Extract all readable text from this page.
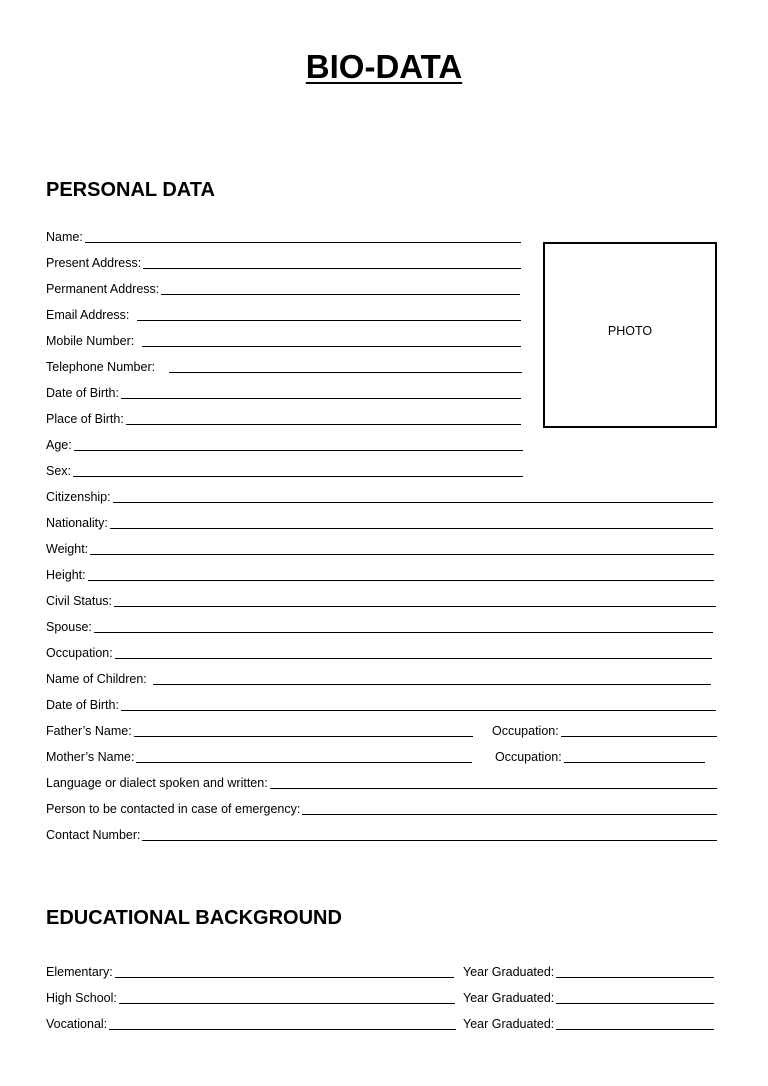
BIO-DATA
PERSONAL DATA
PHOTO
Name:
Present Address:
Permanent Address:
Email Address:
Mobile Number:
Telephone Number:
Date of Birth:
Place of Birth:
Age:
Sex:
Citizenship:
Nationality:
Weight:
Height:
Civil Status:
Spouse:
Occupation:
Name of Children:
Date of Birth:
Father’s Name:	Occupation:
Mother’s Name:	Occupation:
Language or dialect spoken and written:
Person to be contacted in case of emergency:
Contact Number:
EDUCATIONAL BACKGROUND
Elementary:	Year Graduated:
High School:	Year Graduated:
Vocational:	Year Graduated:
